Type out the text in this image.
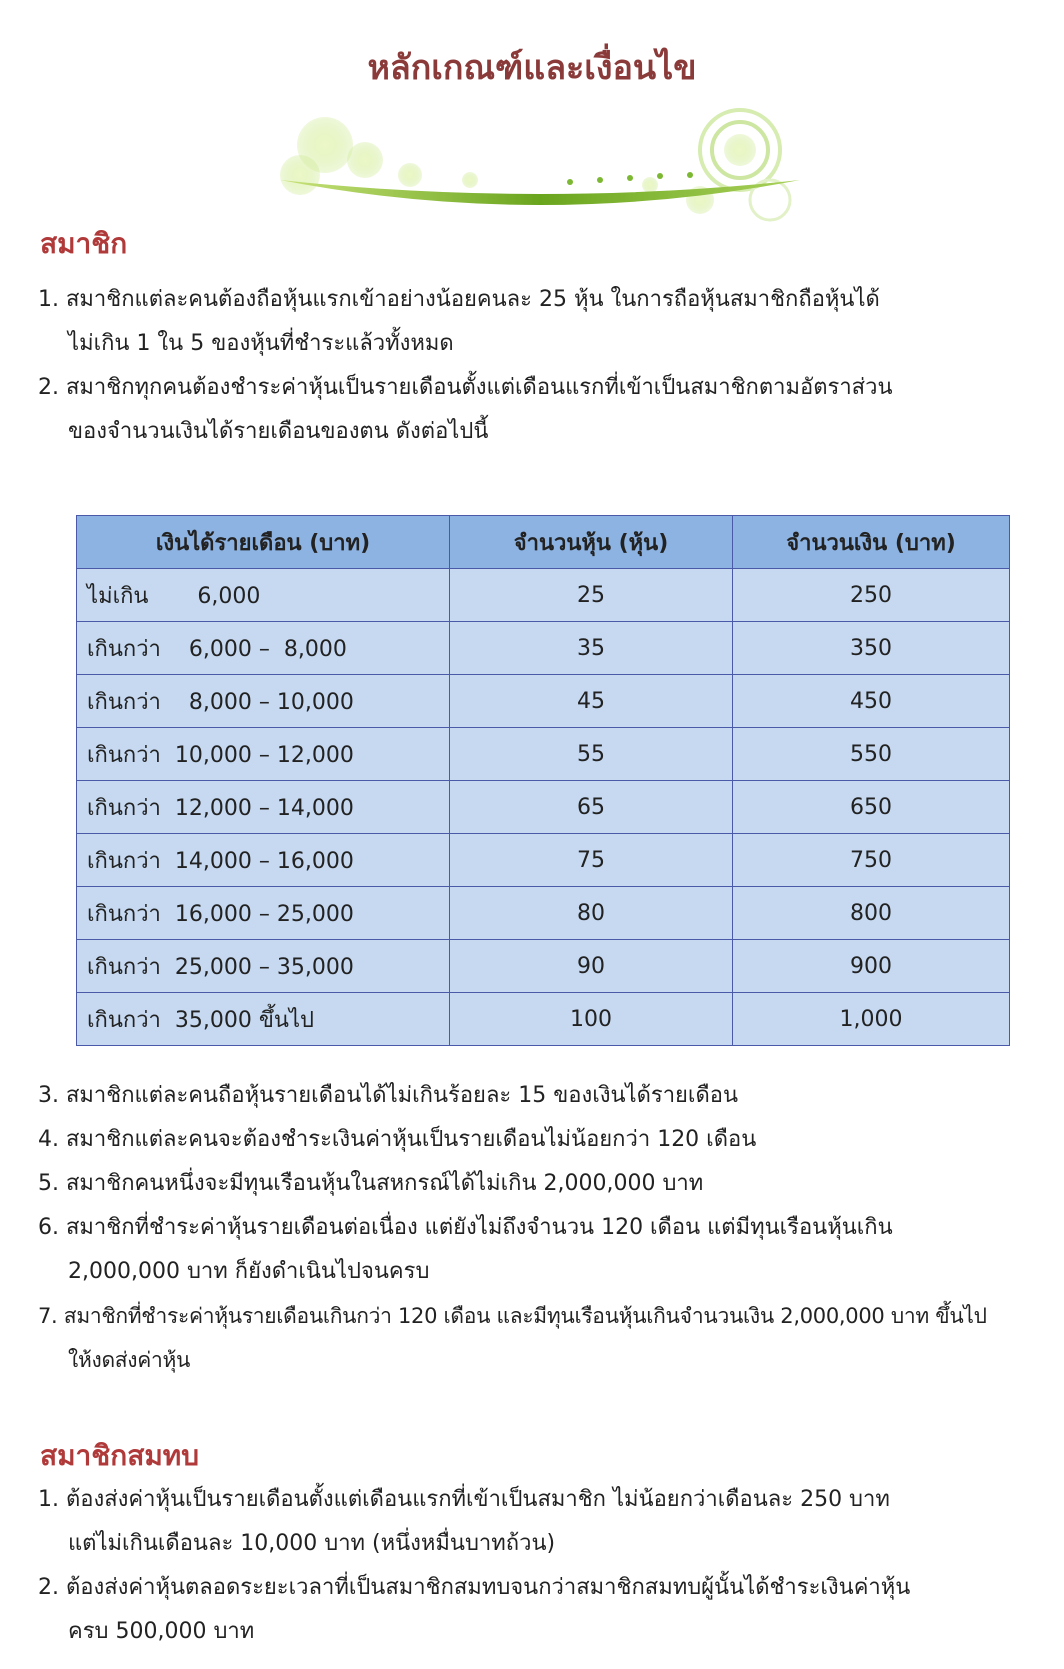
หลักเกณฑ์และเงื่อนไข
สมาชิก

1. สมาชิกแต่ละคนต้องถือหุ้นแรกเข้าอย่างน้อยคนละ 25 หุ้น ในการถือหุ้นสมาชิกถือหุ้นได้
ไม่เกิน 1 ใน 5 ของหุ้นที่ชำระแล้วทั้งหมด

2. สมาชิกทุกคนต้องชำระค่าหุ้นเป็นรายเดือนตั้งแต่เดือนแรกที่เข้าเป็นสมาชิกตามอัตราส่วน
ของจำนวนเงินได้รายเดือนของตน ดังต่อไปนี้

เงินได้รายเดือน (บาท)	จำนวนหุ้น (หุ้น)	จำนวนเงิน (บาท)
ไม่เกิน       6,000	25	250
เกินกว่า    6,000 –  8,000	35	350
เกินกว่า    8,000 – 10,000	45	450
เกินกว่า  10,000 – 12,000	55	550
เกินกว่า  12,000 – 14,000	65	650
เกินกว่า  14,000 – 16,000	75	750
เกินกว่า  16,000 – 25,000	80	800
เกินกว่า  25,000 – 35,000	90	900
เกินกว่า  35,000 ขึ้นไป	100	1,000

3. สมาชิกแต่ละคนถือหุ้นรายเดือนได้ไม่เกินร้อยละ 15 ของเงินได้รายเดือน

4. สมาชิกแต่ละคนจะต้องชำระเงินค่าหุ้นเป็นรายเดือนไม่น้อยกว่า 120 เดือน

5. สมาชิกคนหนึ่งจะมีทุนเรือนหุ้นในสหกรณ์ได้ไม่เกิน 2,000,000 บาท

6. สมาชิกที่ชำระค่าหุ้นรายเดือนต่อเนื่อง แต่ยังไม่ถึงจำนวน 120 เดือน แต่มีทุนเรือนหุ้นเกิน
2,000,000 บาท ก็ยังดำเนินไปจนครบ

7. สมาชิกที่ชำระค่าหุ้นรายเดือนเกินกว่า 120 เดือน และมีทุนเรือนหุ้นเกินจำนวนเงิน 2,000,000 บาท ขึ้นไป
ให้งดส่งค่าหุ้น

สมาชิกสมทบ

1. ต้องส่งค่าหุ้นเป็นรายเดือนตั้งแต่เดือนแรกที่เข้าเป็นสมาชิก ไม่น้อยกว่าเดือนละ 250 บาท
แต่ไม่เกินเดือนละ 10,000 บาท (หนึ่งหมื่นบาทถ้วน)

2. ต้องส่งค่าหุ้นตลอดระยะเวลาที่เป็นสมาชิกสมทบจนกว่าสมาชิกสมทบผู้นั้นได้ชำระเงินค่าหุ้น
ครบ 500,000 บาท
